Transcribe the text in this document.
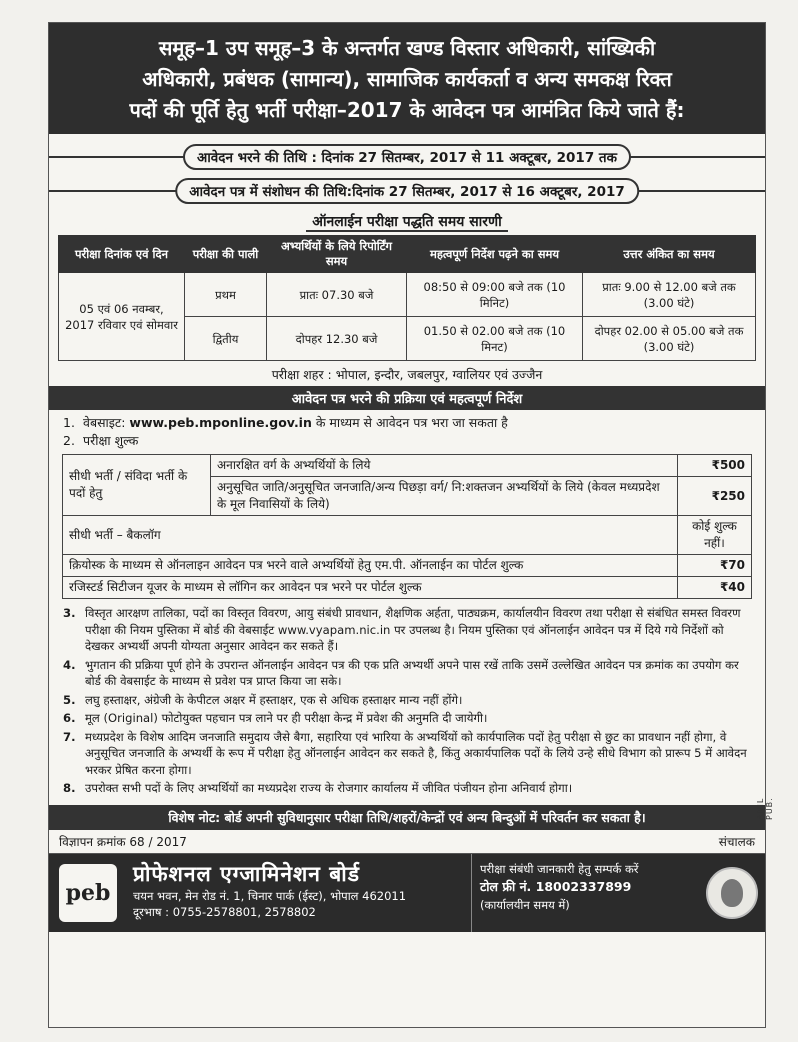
समूह–1 उप समूह–3 के अन्तर्गत खण्ड विस्तार अधिकारी, सांख्यिकी
अधिकारी, प्रबंधक (सामान्य), सामाजिक कार्यकर्ता व अन्य समकक्ष रिक्त
पदों की पूर्ति हेतु भर्ती परीक्षा–2017 के आवेदन पत्र आमंत्रित किये जाते हैं:
आवेदन भरने की तिथि : दिनांक 27 सितम्बर, 2017 से 11 अक्टूबर, 2017 तक
आवेदन पत्र में संशोधन की तिथि:दिनांक 27 सितम्बर, 2017 से 16 अक्टूबर, 2017
ऑनलाईन परीक्षा पद्धति समय सारणी
परीक्षा दिनांक एवं दिन	परीक्षा की पाली	अभ्यर्थियों के लिये रिपोर्टिंग समय	महत्वपूर्ण निर्देश पढ़ने का समय	उत्तर अंकित का समय
05 एवं 06 नवम्बर, 2017 रविवार एवं सोमवार	प्रथम	प्रातः 07.30 बजे	08:50 से 09:00 बजे तक (10 मिनिट)	प्रातः 9.00 से 12.00 बजे तक (3.00 घंटे)
	द्वितीय	दोपहर 12.30 बजे	01.50 से 02.00 बजे तक (10 मिनट)	दोपहर 02.00 से 05.00 बजे तक (3.00 घंटे)
परीक्षा शहर : भोपाल, इन्दौर, जबलपुर, ग्वालियर एवं उज्जैन
आवेदन पत्र भरने की प्रक्रिया एवं महत्वपूर्ण निर्देश
1. वेबसाइट: www.peb.mponline.gov.in के माध्यम से आवेदन पत्र भरा जा सकता है
2. परीक्षा शुल्क
सीधी भर्ती / संविदा भर्ती के पदों हेतु	अनारक्षित वर्ग के अभ्यर्थियों के लिये	₹500
	अनुसूचित जाति/अनुसूचित जनजाति/अन्य पिछड़ा वर्ग/ नि:शक्तजन अभ्यर्थियों के लिये (केवल मध्यप्रदेश के मूल निवासियों के लिये)	₹250
सीधी भर्ती – बैकलॉग		कोई शुल्क नहीं।
क़ियोस्क के माध्यम से ऑनलाइन आवेदन पत्र भरने वाले अभ्यर्थियों हेतु एम.पी. ऑनलाईन का पोर्टल शुल्क		₹70
रजिस्टर्ड सिटीजन यूजर के माध्यम से लॉगिन कर आवेदन पत्र भरने पर पोर्टल शुल्क		₹40
3. विस्तृत आरक्षण तालिका, पदों का विस्तृत विवरण, आयु संबंधी प्रावधान, शैक्षणिक अर्हता, पाठ्यक्रम, कार्यालयीन विवरण तथा परीक्षा से संबंधित समस्त विवरण परीक्षा की नियम पुस्तिका में बोर्ड की वेबसाईट www.vyapam.nic.in पर उपलब्ध है। नियम पुस्तिका एवं ऑनलाईन आवेदन पत्र में दिये गये निर्देशों को देखकर अभ्यर्थी अपनी योग्यता अनुसार आवेदन कर सकते हैं।
4. भुगतान की प्रक्रिया पूर्ण होने के उपरान्त ऑनलाईन आवेदन पत्र की एक प्रति अभ्यर्थी अपने पास रखें ताकि उसमें उल्लेखित आवेदन पत्र क्रमांक का उपयोग कर बोर्ड की वेबसाईट के माध्यम से प्रवेश पत्र प्राप्त किया जा सके।
5. लघु हस्ताक्षर, अंग्रेजी के केपीटल अक्षर में हस्ताक्षर, एक से अधिक हस्ताक्षर मान्य नहीं होंगे।
6. मूल (Original) फोटोयुक्त पहचान पत्र लाने पर ही परीक्षा केन्द्र में प्रवेश की अनुमति दी जायेगी।
7. मध्यप्रदेश के विशेष आदिम जनजाति समुदाय जैसे बैगा, सहारिया एवं भारिया के अभ्यर्थियों को कार्यपालिक पदों हेतु परीक्षा से छुट का प्रावधान नहीं होगा, वे अनुसूचित जनजाति के अभ्यर्थी के रूप में परीक्षा हेतु ऑनलाईन आवेदन कर सकते है, किंतु अकार्यपालिक पदों के लिये उन्हे सीधे विभाग को प्रारूप 5 में आवेदन भरकर प्रेषित करना होगा।
8. उपरोक्त सभी पदों के लिए अभ्यर्थियों का मध्यप्रदेश राज्य के रोजगार कार्यालय में जीवित पंजीयन होना अनिवार्य होगा।
विशेष नोट: बोर्ड अपनी सुविधानुसार परीक्षा तिथि/शहरों/केन्द्रों एवं अन्य बिन्दुओं में परिवर्तन कर सकता है।
विज्ञापन क्रमांक 68 / 2017	संचालक
peb
प्रोफेशनल एग्जामिनेशन बोर्ड
चयन भवन, मेन रोड नं. 1, चिनार पार्क (ईस्ट), भोपाल 462011
दूरभाष : 0755-2578801, 2578802
परीक्षा संबंधी जानकारी हेतु सम्पर्क करें
टोल फ्री नं. 18002337899
(कार्यालयीन समय में)
ANIL PUB.
